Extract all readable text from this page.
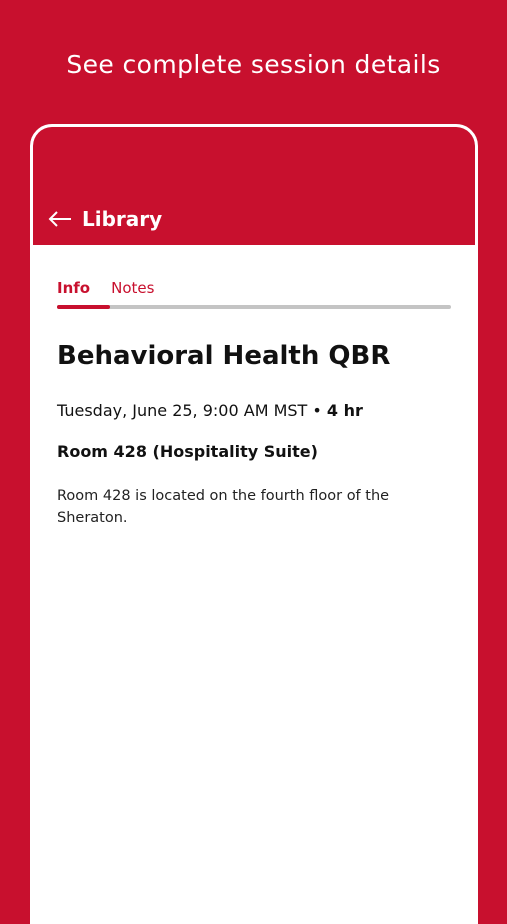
See complete session details
Library
Info Notes
Behavioral Health QBR
Tuesday, June 25, 9:00 AM MST • 4 hr
Room 428 (Hospitality Suite)
Room 428 is located on the fourth floor of the Sheraton.
